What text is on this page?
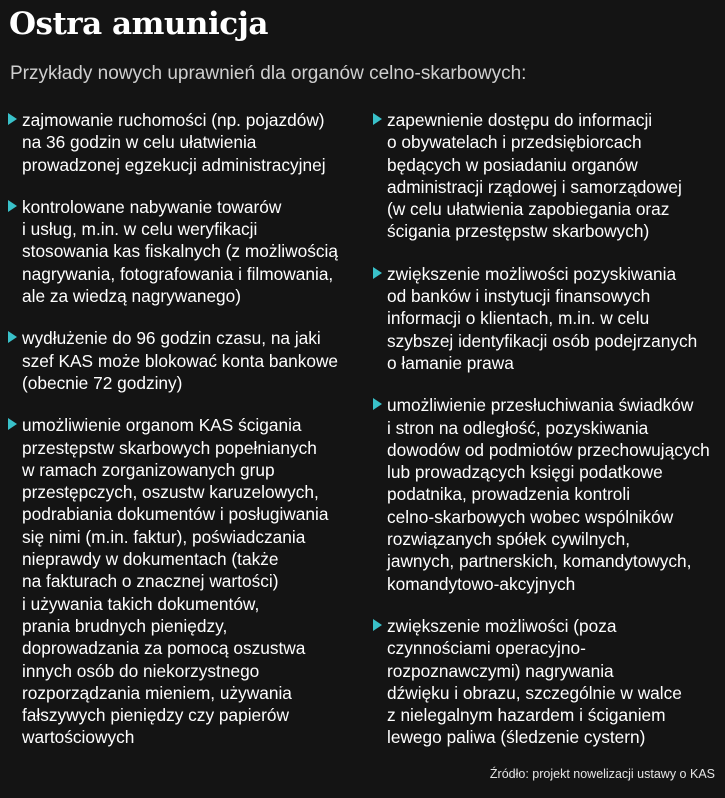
Ostra amunicja
Przykłady nowych uprawnień dla organów celno-skarbowych:

zajmowanie ruchomości (np. pojazdów)
na 36 godzin w celu ułatwienia
prowadzonej egzekucji administracyjnej

kontrolowane nabywanie towarów
i usług, m.in. w celu weryfikacji
stosowania kas fiskalnych (z możliwością
nagrywania, fotografowania i filmowania,
ale za wiedzą nagrywanego)

wydłużenie do 96 godzin czasu, na jaki
szef KAS może blokować konta bankowe
(obecnie 72 godziny)

umożliwienie organom KAS ścigania
przestępstw skarbowych popełnianych
w ramach zorganizowanych grup
przestępczych, oszustw karuzelowych,
podrabiania dokumentów i posługiwania
się nimi (m.in. faktur), poświadczania
nieprawdy w dokumentach (także
na fakturach o znacznej wartości)
i używania takich dokumentów,
prania brudnych pieniędzy,
doprowadzania za pomocą oszustwa
innych osób do niekorzystnego
rozporządzania mieniem, używania
fałszywych pieniędzy czy papierów
wartościowych

zapewnienie dostępu do informacji
o obywatelach i przedsiębiorcach
będących w posiadaniu organów
administracji rządowej i samorządowej
(w celu ułatwienia zapobiegania oraz
ścigania przestępstw skarbowych)

zwiększenie możliwości pozyskiwania
od banków i instytucji finansowych
informacji o klientach, m.in. w celu
szybszej identyfikacji osób podejrzanych
o łamanie prawa

umożliwienie przesłuchiwania świadków
i stron na odległość, pozyskiwania
dowodów od podmiotów przechowujących
lub prowadzących księgi podatkowe
podatnika, prowadzenia kontroli
celno-skarbowych wobec wspólników
rozwiązanych spółek cywilnych,
jawnych, partnerskich, komandytowych,
komandytowo-akcyjnych

zwiększenie możliwości (poza
czynnościami operacyjno-
rozpoznawczymi) nagrywania
dźwięku i obrazu, szczególnie w walce
z nielegalnym hazardem i ściganiem
lewego paliwa (śledzenie cystern)

Źródło: projekt nowelizacji ustawy o KAS
